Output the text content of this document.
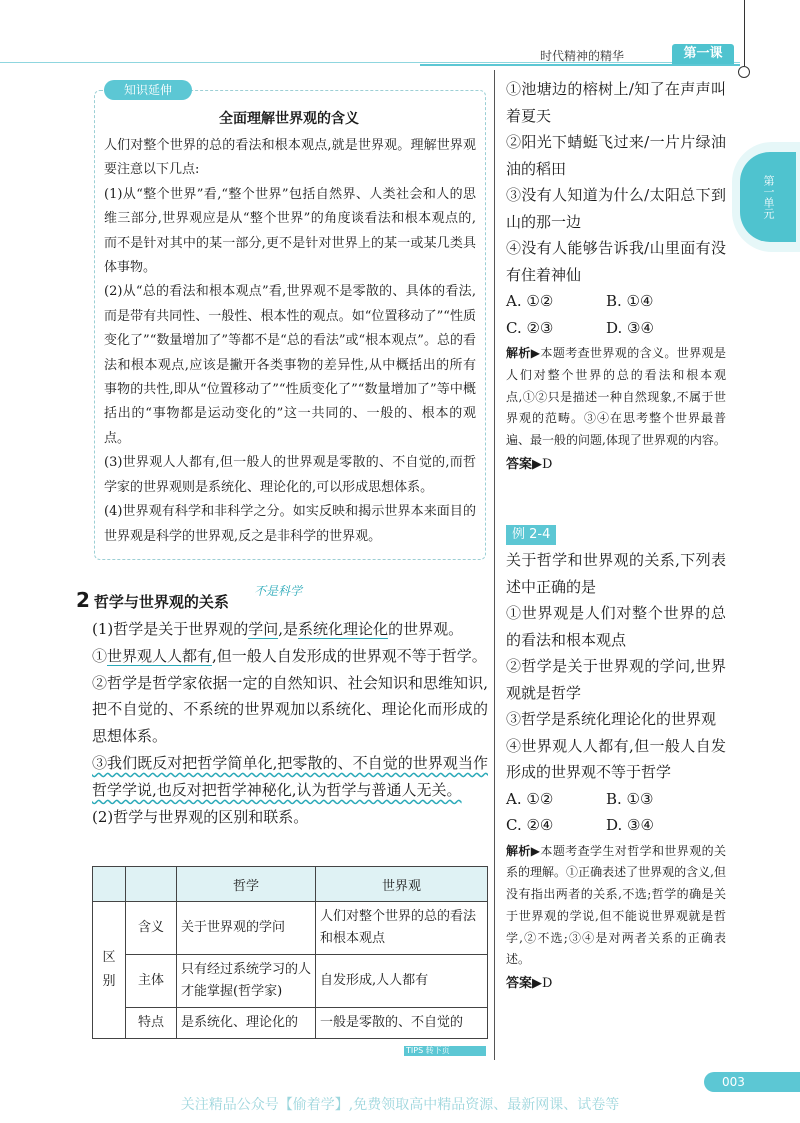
时代精神的精华	第一课
第一单元
知识延伸
全面理解世界观的含义

人们对整个世界的总的看法和根本观点,就是世界观。理解世界观要注意以下几点:

(1)从“整个世界”看,“整个世界”包括自然界、人类社会和人的思维三部分,世界观应是从“整个世界”的角度谈看法和根本观点的,而不是针对其中的某一部分,更不是针对世界上的某一或某几类具体事物。

(2)从“总的看法和根本观点”看,世界观不是零散的、具体的看法,而是带有共同性、一般性、根本性的观点。如“位置移动了”“性质变化了”“数量增加了”等都不是“总的看法”或“根本观点”。总的看法和根本观点,应该是撇开各类事物的差异性,从中概括出的所有事物的共性,即从“位置移动了”“性质变化了”“数量增加了”等中概括出的“事物都是运动变化的”这一共同的、一般的、根本的观点。

(3)世界观人人都有,但一般人的世界观是零散的、不自觉的,而哲学家的世界观则是系统化、理论化的,可以形成思想体系。

(4)世界观有科学和非科学之分。如实反映和揭示世界本来面目的世界观是科学的世界观,反之是非科学的世界观。

2 哲学与世界观的关系
不是科学

(1)哲学是关于世界观的学问,是系统化理论化的世界观。

①世界观人人都有,但一般人自发形成的世界观不等于哲学。

②哲学是哲学家依据一定的自然知识、社会知识和思维知识,把不自觉的、不系统的世界观加以系统化、理论化而形成的思想体系。

③我们既反对把哲学简单化,把零散的、不自觉的世界观当作哲学学说,也反对把哲学神秘化,认为哲学与普通人无关。

(2)哲学与世界观的区别和联系。

		哲学	世界观
区别	含义	关于世界观的学问	人们对整个世界的总的看法和根本观点
	主体	只有经过系统学习的人才能掌握(哲学家)	自发形成,人人都有
	特点	是系统化、理论化的	一般是零散的、不自觉的
TIPS 转下页

①池塘边的榕树上/知了在声声叫着夏天

②阳光下蜻蜓飞过来/一片片绿油油的稻田

③没有人知道为什么/太阳总下到山的那一边

④没有人能够告诉我/山里面有没有住着神仙

A. ①②	B. ①④
C. ②③	D. ③④

解析▶本题考查世界观的含义。世界观是人们对整个世界的总的看法和根本观点,①②只是描述一种自然现象,不属于世界观的范畴。③④在思考整个世界最普遍、最一般的问题,体现了世界观的内容。

答案▶D

例 2-4

关于哲学和世界观的关系,下列表述中正确的是

①世界观是人们对整个世界的总的看法和根本观点

②哲学是关于世界观的学问,世界观就是哲学

③哲学是系统化理论化的世界观

④世界观人人都有,但一般人自发形成的世界观不等于哲学

A. ①②	B. ①③
C. ②④	D. ③④

解析▶本题考查学生对哲学和世界观的关系的理解。①正确表述了世界观的含义,但没有指出两者的关系,不选;哲学的确是关于世界观的学说,但不能说世界观就是哲学,②不选;③④是对两者关系的正确表述。

答案▶D

003
关注精品公众号【偷着学】,免费领取高中精品资源、最新网课、试卷等
